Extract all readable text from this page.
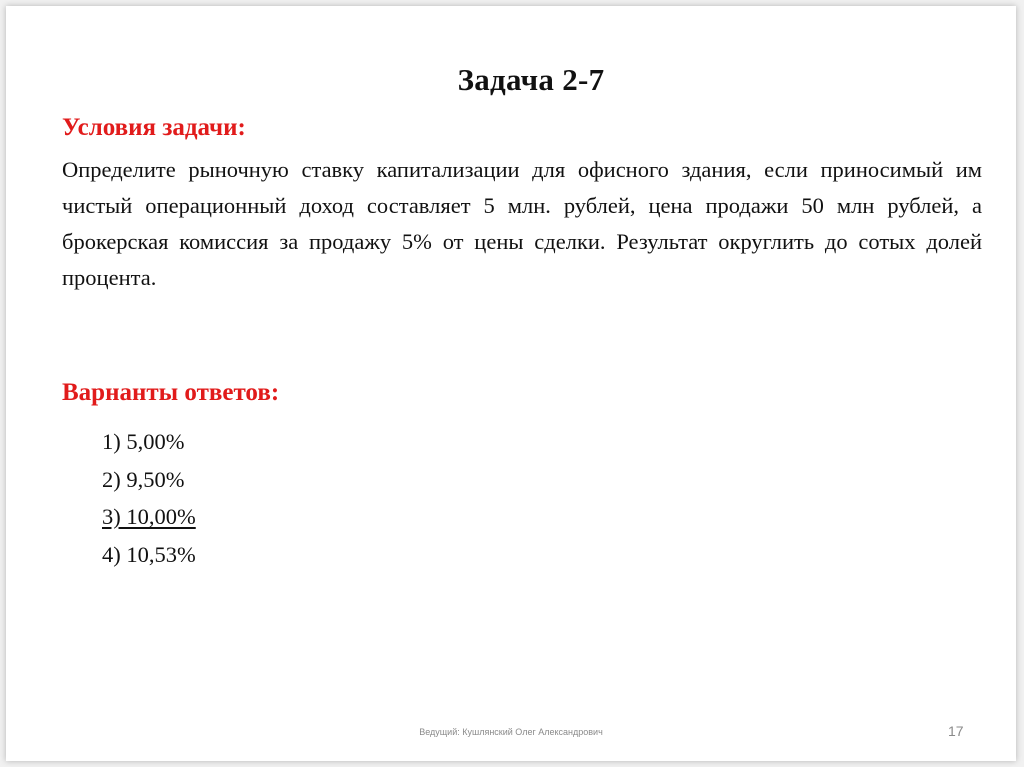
Задача 2-7
Условия задачи:
Определите рыночную ставку капитализации для офисного здания, если приносимый им чистый операционный доход составляет 5 млн. рублей, цена продажи 50 млн рублей, а брокерская комиссия за продажу 5% от цены сделки. Результат округлить до сотых долей процента.
Варнанты ответов:
1) 5,00%
2) 9,50%
3) 10,00%
4) 10,53%
Ведущий: Кушлянский Олег Александрович	17
